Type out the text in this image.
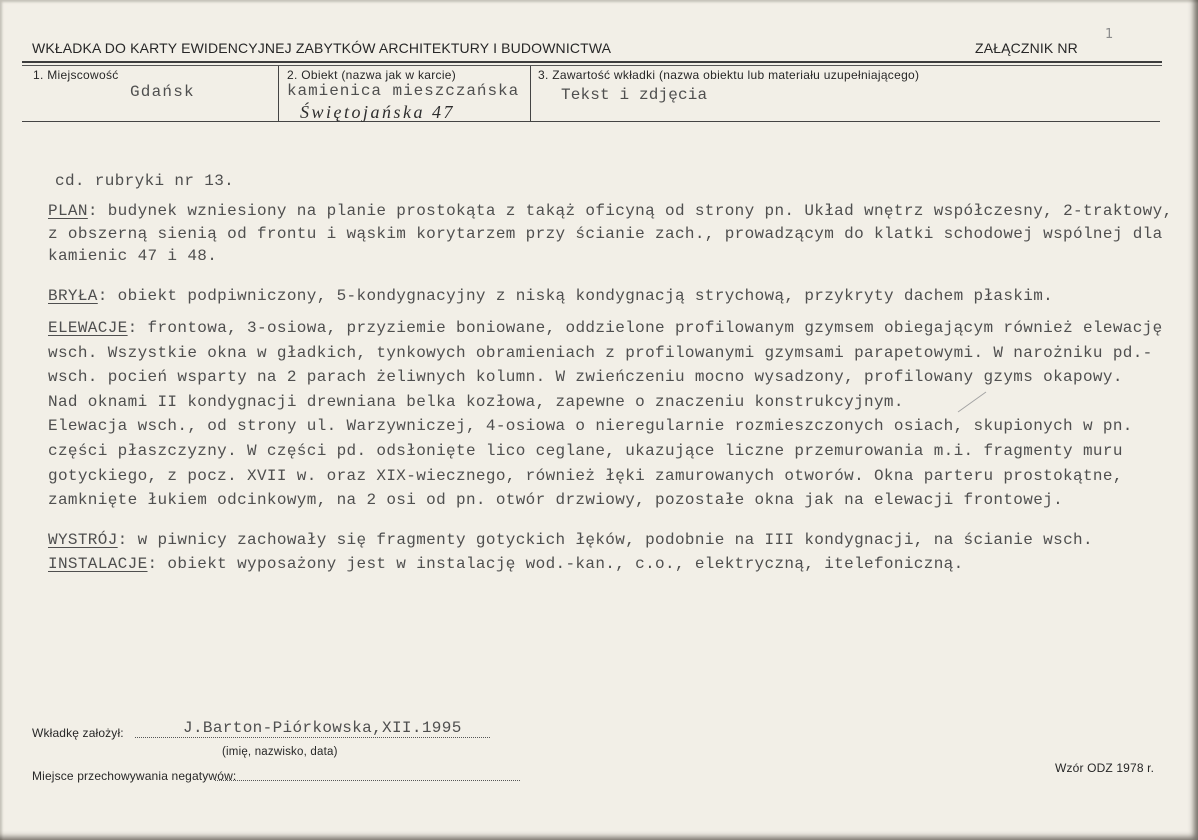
WKŁADKA DO KARTY EWIDENCYJNEJ ZABYTKÓW ARCHITEKTURY I BUDOWNICTWA	ZAŁĄCZNIK NR
1
1. Miejscowość
Gdańsk
2. Obiekt (nazwa jak w karcie)
kamienica mieszczańska
Świętojańska 47
3. Zawartość wkładki (nazwa obiektu lub materiału uzupełniającego)
Tekst i zdjęcia
cd. rubryki nr 13.
PLAN: budynek wzniesiony na planie prostokąta z takąż oficyną od strony pn. Układ wnętrz współczesny, 2-traktowy,
z obszerną sienią od frontu i wąskim korytarzem przy ścianie zach., prowadzącym do klatki schodowej wspólnej dla
kamienic 47 i 48.
BRYŁA: obiekt podpiwniczony, 5-kondygnacyjny z niską kondygnacją strychową, przykryty dachem płaskim.
ELEWACJE: frontowa, 3-osiowa, przyziemie boniowane, oddzielone profilowanym gzymsem obiegającym również elewację
wsch. Wszystkie okna w gładkich, tynkowych obramieniach z profilowanymi gzymsami parapetowymi. W narożniku pd.-
wsch. pocień wsparty na 2 parach żeliwnych kolumn. W zwieńczeniu mocno wysadzony, profilowany gzyms okapowy.
Nad oknami II kondygnacji drewniana belka kozłowa, zapewne o znaczeniu konstrukcyjnym.
Elewacja wsch., od strony ul. Warzywniczej, 4-osiowa o nieregularnie rozmieszczonych osiach, skupionych w pn.
części płaszczyzny. W części pd. odsłonięte lico ceglane, ukazujące liczne przemurowania m.i. fragmenty muru
gotyckiego, z pocz. XVII w. oraz XIX-wiecznego, również łęki zamurowanych otworów. Okna parteru prostokątne,
zamknięte łukiem odcinkowym, na 2 osi od pn. otwór drzwiowy, pozostałe okna jak na elewacji frontowej.
WYSTRÓJ: w piwnicy zachowały się fragmenty gotyckich łęków, podobnie na III kondygnacji, na ścianie wsch.
INSTALACJE: obiekt wyposażony jest w instalację wod.-kan., c.o., elektryczną, itelefoniczną.
Wkładkę założył:	J.Barton-Piórkowska,XII.1995
(imię, nazwisko, data)
Miejsce przechowywania negatywów:
Wzór ODZ 1978 r.
